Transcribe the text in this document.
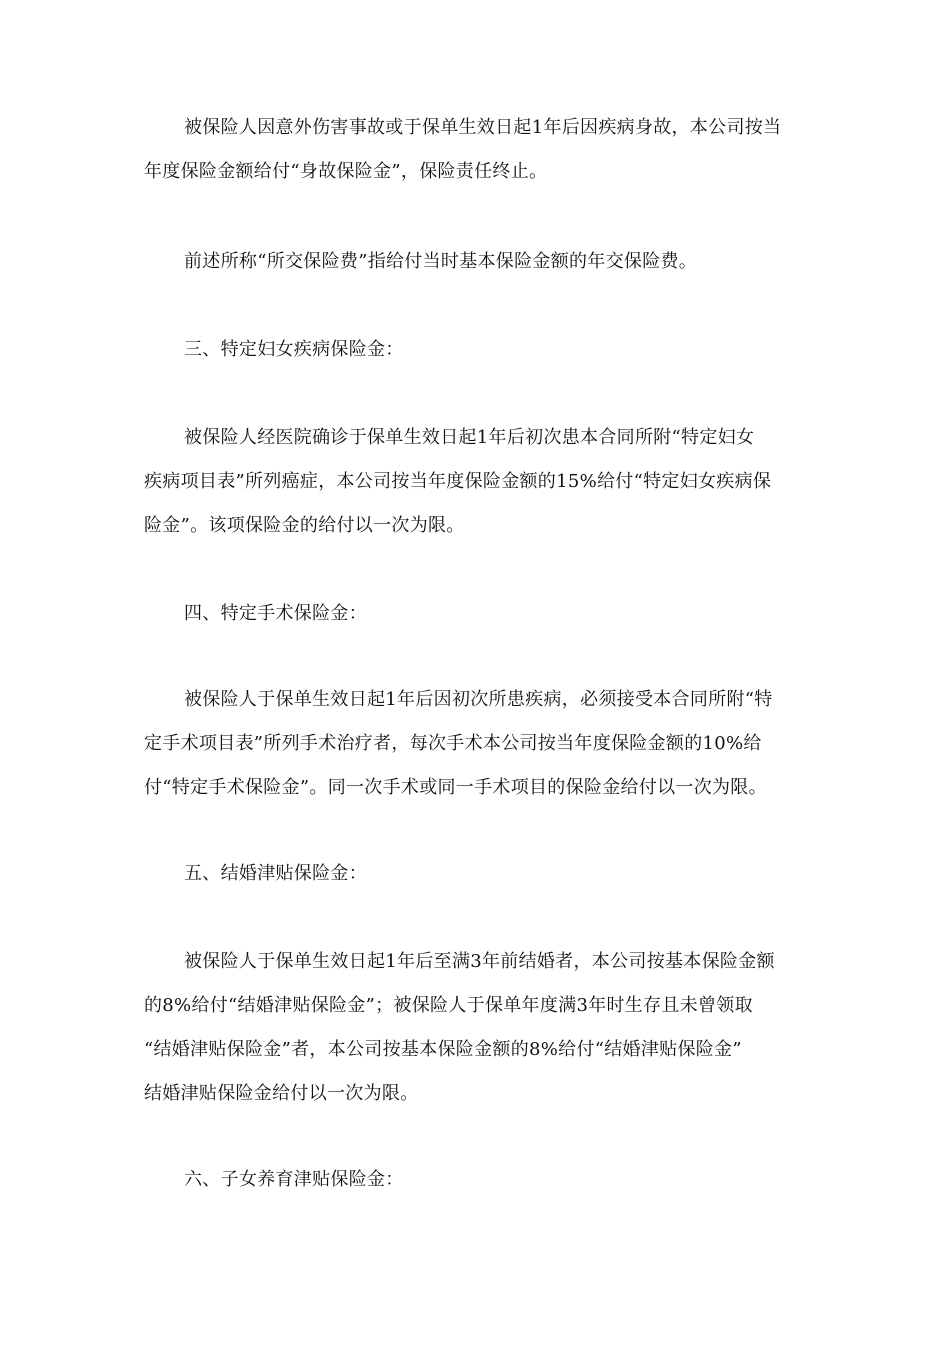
被保险人因意外伤害事故或于保单生效日起1年后因疾病身故，本公司按当
年度保险金额给付“身故保险金”，保险责任终止。
前述所称“所交保险费”指给付当时基本保险金额的年交保险费。
三、特定妇女疾病保险金：
被保险人经医院确诊于保单生效日起1年后初次患本合同所附“特定妇女
疾病项目表”所列癌症，本公司按当年度保险金额的15%给付“特定妇女疾病保
险金”。该项保险金的给付以一次为限。
四、特定手术保险金：
被保险人于保单生效日起1年后因初次所患疾病，必须接受本合同所附“特
定手术项目表”所列手术治疗者，每次手术本公司按当年度保险金额的10%给
付“特定手术保险金”。同一次手术或同一手术项目的保险金给付以一次为限。
五、结婚津贴保险金：
被保险人于保单生效日起1年后至满3年前结婚者，本公司按基本保险金额
的8%给付“结婚津贴保险金”；被保险人于保单年度满3年时生存且未曾领取
“结婚津贴保险金”者，本公司按基本保险金额的8%给付“结婚津贴保险金”
结婚津贴保险金给付以一次为限。
六、子女养育津贴保险金：
